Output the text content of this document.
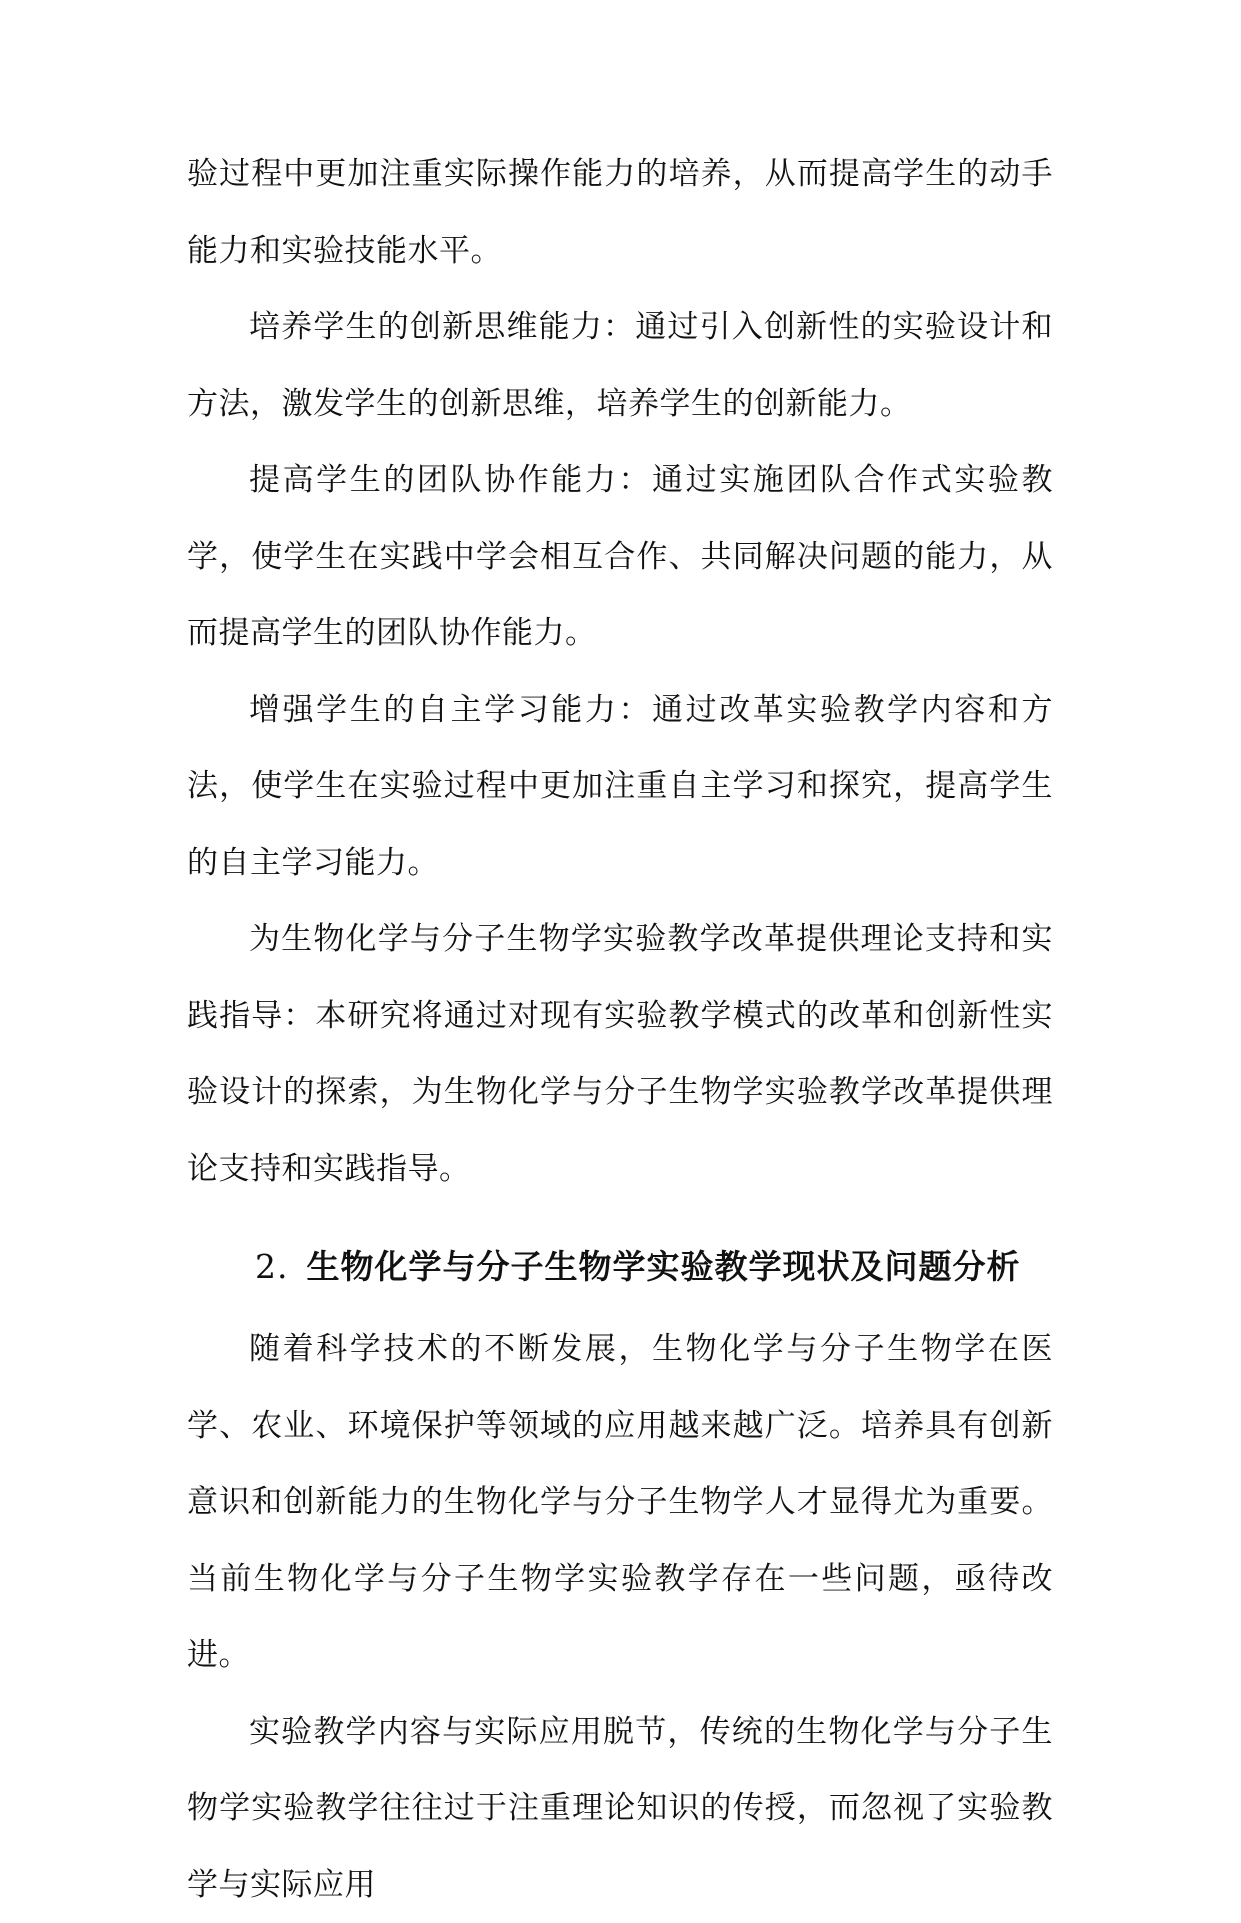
验过程中更加注重实际操作能力的培养，从而提高学生的动手能力和实验技能水平。

培养学生的创新思维能力：通过引入创新性的实验设计和方法，激发学生的创新思维，培养学生的创新能力。

提高学生的团队协作能力：通过实施团队合作式实验教学，使学生在实践中学会相互合作、共同解决问题的能力，从而提高学生的团队协作能力。

增强学生的自主学习能力：通过改革实验教学内容和方法，使学生在实验过程中更加注重自主学习和探究，提高学生的自主学习能力。

为生物化学与分子生物学实验教学改革提供理论支持和实践指导：本研究将通过对现有实验教学模式的改革和创新性实验设计的探索，为生物化学与分子生物学实验教学改革提供理论支持和实践指导。

2. 生物化学与分子生物学实验教学现状及问题分析

随着科学技术的不断发展，生物化学与分子生物学在医学、农业、环境保护等领域的应用越来越广泛。培养具有创新意识和创新能力的生物化学与分子生物学人才显得尤为重要。当前生物化学与分子生物学实验教学存在一些问题，亟待改进。

实验教学内容与实际应用脱节，传统的生物化学与分子生物学实验教学往往过于注重理论知识的传授，而忽视了实验教学与实际应用
